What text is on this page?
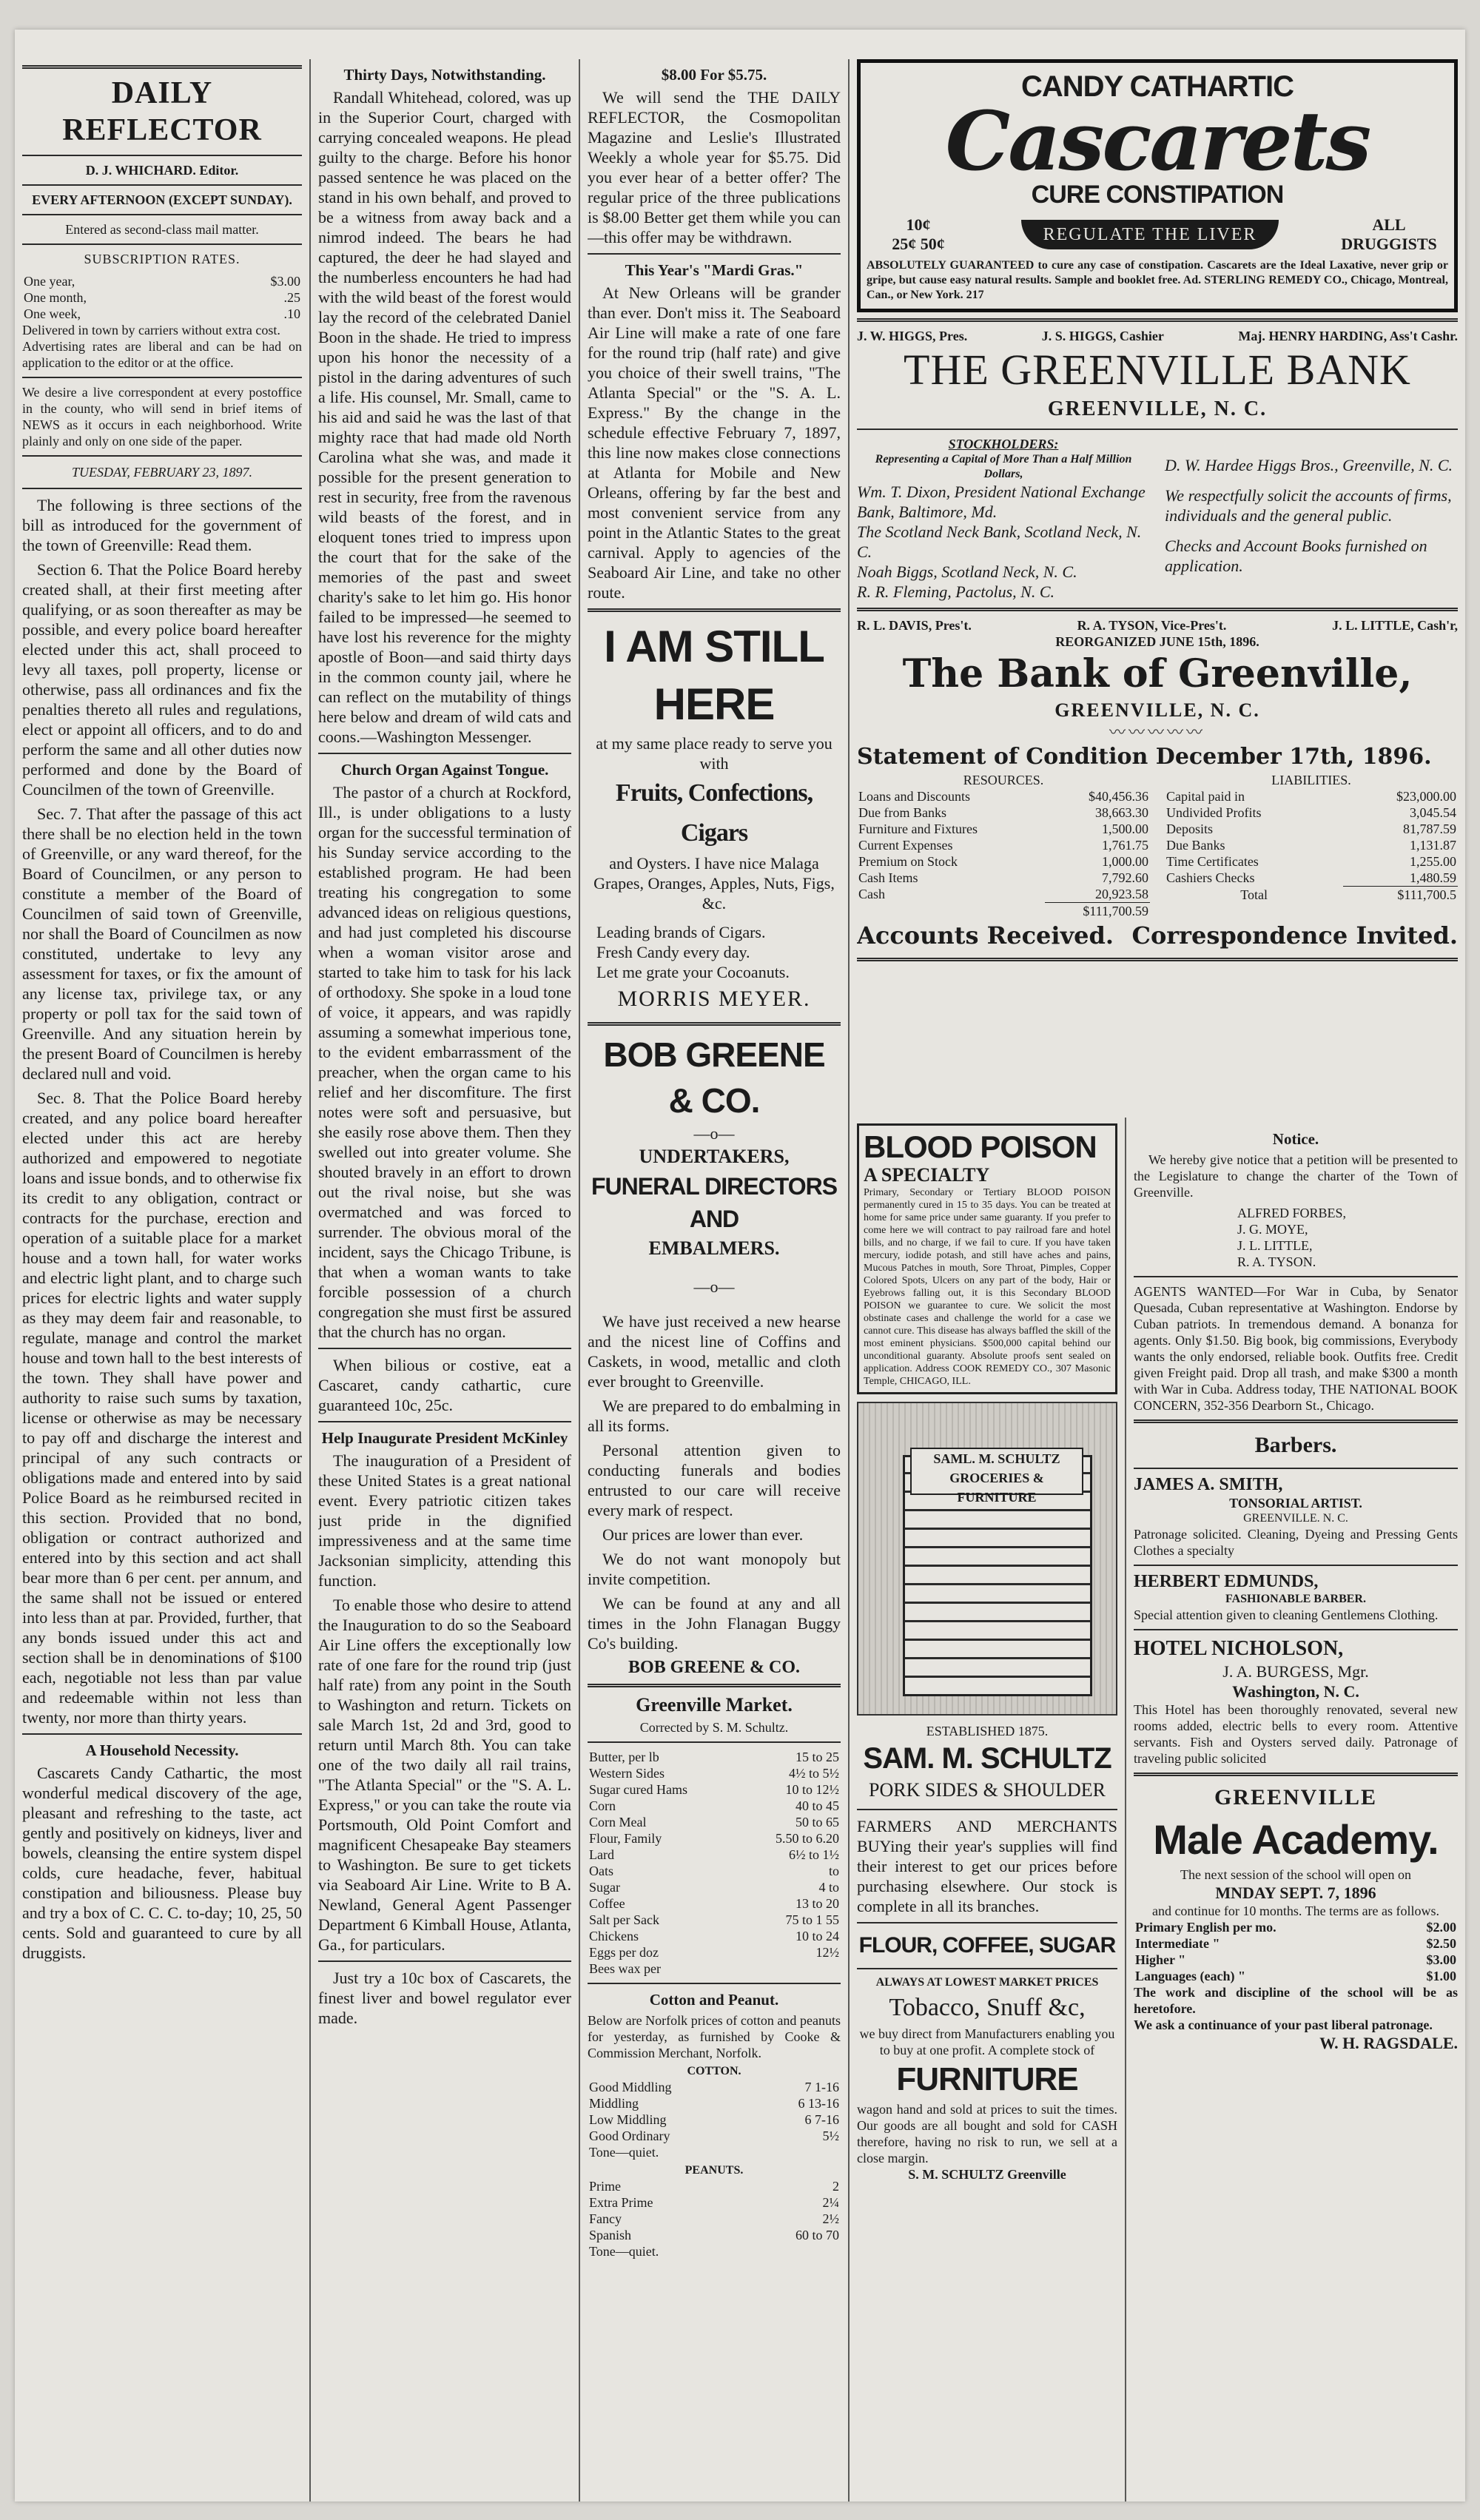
DAILY REFLECTOR
D. J. WHICHARD. Editor.
EVERY AFTERNOON (EXCEPT SUNDAY).
Entered as second-class mail matter.
SUBSCRIPTION RATES.
One year,	$3.00
One month,	.25
One week,	.10
Delivered in town by carriers without extra cost.
Advertising rates are liberal and can be had on application to the editor or at the office.
We desire a live correspondent at every postoffice in the county, who will send in brief items of NEWS as it occurs in each neighborhood. Write plainly and only on one side of the paper.
TUESDAY, FEBRUARY 23, 1897.

The following is three sections of the bill as introduced for the government of the town of Greenville: Read them.

Section 6. That the Police Board hereby created shall, at their first meeting after qualifying, or as soon thereafter as may be possible, and every police board hereafter elected under this act, shall proceed to levy all taxes, poll property, license or otherwise, pass all ordinances and fix the penalties thereto all rules and regulations, elect or appoint all officers, and to do and perform the same and all other duties now performed and done by the Board of Councilmen of the town of Greenville.

Sec. 7. That after the passage of this act there shall be no election held in the town of Greenville, or any ward thereof, for the Board of Councilmen, or any person to constitute a member of the Board of Councilmen of said town of Greenville, nor shall the Board of Councilmen as now constituted, undertake to levy any assessment for taxes, or fix the amount of any license tax, privilege tax, or any property or poll tax for the said town of Greenville. And any situation herein by the present Board of Councilmen is hereby declared null and void.

Sec. 8. That the Police Board hereby created, and any police board hereafter elected under this act are hereby authorized and empowered to negotiate loans and issue bonds, and to otherwise fix its credit to any obligation, contract or contracts for the purchase, erection and operation of a suitable place for a market house and a town hall, for water works and electric light plant, and to charge such prices for electric lights and water supply as they may deem fair and reasonable, to regulate, manage and control the market house and town hall to the best interests of the town. They shall have power and authority to raise such sums by taxation, license or otherwise as may be necessary to pay off and discharge the interest and principal of any such contracts or obligations made and entered into by said Police Board as he reimbursed recited in this section. Provided that no bond, obligation or contract authorized and entered into by this section and act shall bear more than 6 per cent. per annum, and the same shall not be issued or entered into less than at par. Provided, further, that any bonds issued under this act and section shall be in denominations of $100 each, negotiable not less than par value and redeemable within not less than twenty, nor more than thirty years.

A Household Necessity.

Cascarets Candy Cathartic, the most wonderful medical discovery of the age, pleasant and refreshing to the taste, act gently and positively on kidneys, liver and bowels, cleansing the entire system dispel colds, cure headache, fever, habitual constipation and biliousness. Please buy and try a box of C. C. C. to-day; 10, 25, 50 cents. Sold and guaranteed to cure by all druggists.

Thirty Days, Notwithstanding.

Randall Whitehead, colored, was up in the Superior Court, charged with carrying concealed weapons. He plead guilty to the charge. Before his honor passed sentence he was placed on the stand in his own behalf, and proved to be a witness from away back and a nimrod indeed. The bears he had captured, the deer he had slayed and the numberless encounters he had had with the wild beast of the forest would lay the record of the celebrated Daniel Boon in the shade. He tried to impress upon his honor the necessity of a pistol in the daring adventures of such a life. His counsel, Mr. Small, came to his aid and said he was the last of that mighty race that had made old North Carolina what she was, and made it possible for the present generation to rest in security, free from the ravenous wild beasts of the forest, and in eloquent tones tried to impress upon the court that for the sake of the memories of the past and sweet charity's sake to let him go. His honor failed to be impressed—he seemed to have lost his reverence for the mighty apostle of Boon—and said thirty days in the common county jail, where he can reflect on the mutability of things here below and dream of wild cats and coons.—Washington Messenger.

Church Organ Against Tongue.

The pastor of a church at Rockford, Ill., is under obligations to a lusty organ for the successful termination of his Sunday service according to the established program. He had been treating his congregation to some advanced ideas on religious questions, and had just completed his discourse when a woman visitor arose and started to take him to task for his lack of orthodoxy. She spoke in a loud tone of voice, it appears, and was rapidly assuming a somewhat imperious tone, to the evident embarrassment of the preacher, when the organ came to his relief and her discomfiture. The first notes were soft and persuasive, but she easily rose above them. Then they swelled out into greater volume. She shouted bravely in an effort to drown out the rival noise, but she was overmatched and was forced to surrender. The obvious moral of the incident, says the Chicago Tribune, is that when a woman wants to take forcible possession of a church congregation she must first be assured that the church has no organ.

When bilious or costive, eat a Cascaret, candy cathartic, cure guaranteed 10c, 25c.

Help Inaugurate President McKinley

The inauguration of a President of these United States is a great national event. Every patriotic citizen takes just pride in the dignified impressiveness and at the same time Jacksonian simplicity, attending this function.

To enable those who desire to attend the Inauguration to do so the Seaboard Air Line offers the exceptionally low rate of one fare for the round trip (just half rate) from any point in the South to Washington and return. Tickets on sale March 1st, 2d and 3rd, good to return until March 8th. You can take one of the two daily all rail trains, "The Atlanta Special" or the "S. A. L. Express," or you can take the route via Portsmouth, Old Point Comfort and magnificent Chesapeake Bay steamers to Washington. Be sure to get tickets via Seaboard Air Line. Write to B A. Newland, General Agent Passenger Department 6 Kimball House, Atlanta, Ga., for particulars.

Just try a 10c box of Cascarets, the finest liver and bowel regulator ever made.

$8.00 For $5.75.

We will send the THE DAILY REFLECTOR, the Cosmopolitan Magazine and Leslie's Illustrated Weekly a whole year for $5.75. Did you ever hear of a better offer? The regular price of the three publications is $8.00 Better get them while you can—this offer may be withdrawn.

This Year's "Mardi Gras."

At New Orleans will be grander than ever. Don't miss it. The Seaboard Air Line will make a rate of one fare for the round trip (half rate) and give you choice of their swell trains, "The Atlanta Special" or the "S. A. L. Express." By the change in the schedule effective February 7, 1897, this line now makes close connections at Atlanta for Mobile and New Orleans, offering by far the best and most convenient service from any point in the Atlantic States to the great carnival. Apply to agencies of the Seaboard Air Line, and take no other route.

I AM STILL HERE
at my same place ready to serve you with
Fruits, Confections, Cigars
and Oysters. I have nice Malaga Grapes, Oranges, Apples, Nuts, Figs, &c.
Leading brands of Cigars.
Fresh Candy every day.
Let me grate your Cocoanuts.
MORRIS MEYER.
BOB GREENE & CO.
—o—
UNDERTAKERS,
FUNERAL DIRECTORS AND
EMBALMERS.
—o—

We have just received a new hearse and the nicest line of Coffins and Caskets, in wood, metallic and cloth ever brought to Greenville.

We are prepared to do embalming in all its forms.

Personal attention given to conducting funerals and bodies entrusted to our care will receive every mark of respect.

Our prices are lower than ever.

We do not want monopoly but invite competition.

We can be found at any and all times in the John Flanagan Buggy Co's building.

BOB GREENE & CO.
Greenville Market.
Corrected by S. M. Schultz.
Butter, per lb	15 to 25
Western Sides	4½ to 5½
Sugar cured Hams	10 to 12½
Corn	40 to 45
Corn Meal	50 to 65
Flour, Family	5.50 to 6.20
Lard	6½ to 1½
Oats	to
Sugar	4 to
Coffee	13 to 20
Salt per Sack	75 to 1 55
Chickens	10 to 24
Eggs per doz	12½
Bees wax per	
Cotton and Peanut.
Below are Norfolk prices of cotton and peanuts for yesterday, as furnished by Cooke & Commission Merchant, Norfolk.
COTTON.
Good Middling	7 1-16
Middling	6 13-16
Low Middling	6 7-16
Good Ordinary	5½
Tone—quiet.	
PEANUTS.
Prime	2
Extra Prime	2¼
Fancy	2½
Spanish	60 to 70
Tone—quiet.	
CANDY CATHARTIC
Cascarets
CURE CONSTIPATION
10¢
25¢ 50¢	REGULATE THE LIVER
ALL
DRUGGISTS
ABSOLUTELY GUARANTEED to cure any case of constipation. Cascarets are the Ideal Laxative, never grip or gripe, but cause easy natural results. Sample and booklet free. Ad. STERLING REMEDY CO., Chicago, Montreal, Can., or New York. 217
J. W. HIGGS, Pres.	J. S. HIGGS, Cashier	Maj. HENRY HARDING, Ass't Cashr.
THE GREENVILLE BANK
GREENVILLE, N. C.
STOCKHOLDERS:
Representing a Capital of More Than a Half Million Dollars,
Wm. T. Dixon, President National Exchange Bank, Baltimore, Md.
The Scotland Neck Bank, Scotland Neck, N. C.
Noah Biggs, Scotland Neck, N. C.
R. R. Fleming, Pactolus, N. C.
D. W. Hardee Higgs Bros., Greenville, N. C.
We respectfully solicit the accounts of firms, individuals and the general public.
Checks and Account Books furnished on application.
R. L. DAVIS, Pres't.	R. A. TYSON, Vice-Pres't.	J. L. LITTLE, Cash'r,
REORGANIZED JUNE 15th, 1896.
The Bank of Greenville,
GREENVILLE, N. C.
〰〰〰〰〰
Statement of Condition December 17th, 1896.
RESOURCES.
Loans and Discounts	$40,456.36
Due from Banks	38,663.30
Furniture and Fixtures	1,500.00
Current Expenses	1,761.75
Premium on Stock	1,000.00
Cash Items	7,792.60
Cash	20,923.58
	$111,700.59
LIABILITIES.
Capital paid in	$23,000.00
Undivided Profits	3,045.54
Deposits	81,787.59
Due Banks	1,131.87
Time Certificates	1,255.00
Cashiers Checks	1,480.59
Total	$111,700.5
Accounts Received. Correspondence Invited.
BLOOD POISON
A SPECIALTY
Primary, Secondary or Tertiary BLOOD POISON permanently cured in 15 to 35 days. You can be treated at home for same price under same guaranty. If you prefer to come here we will contract to pay railroad fare and hotel bills, and no charge, if we fail to cure. If you have taken mercury, iodide potash, and still have aches and pains, Mucous Patches in mouth, Sore Throat, Pimples, Copper Colored Spots, Ulcers on any part of the body, Hair or Eyebrows falling out, it is this Secondary BLOOD POISON we guarantee to cure. We solicit the most obstinate cases and challenge the world for a case we cannot cure. This disease has always baffled the skill of the most eminent physicians. $500,000 capital behind our unconditional guaranty. Absolute proofs sent sealed on application. Address COOK REMEDY CO., 307 Masonic Temple, CHICAGO, ILL.
SAML. M. SCHULTZ GROCERIES & FURNITURE
ESTABLISHED 1875.
SAM. M. SCHULTZ
PORK SIDES & SHOULDER
FARMERS AND MERCHANTS BUYing their year's supplies will find their interest to get our prices before purchasing elsewhere. Our stock is complete in all its branches.
FLOUR, COFFEE, SUGAR
ALWAYS AT LOWEST MARKET PRICES
Tobacco, Snuff &c,
we buy direct from Manufacturers enabling you to buy at one profit. A complete stock of
FURNITURE
wagon hand and sold at prices to suit the times. Our goods are all bought and sold for CASH therefore, having no risk to run, we sell at a close margin.
S. M. SCHULTZ Greenville
Notice.

We hereby give notice that a petition will be presented to the Legislature to change the charter of the Town of Greenville.

ALFRED FORBES,
J. G. MOYE,
J. L. LITTLE,
R. A. TYSON.
AGENTS WANTED—For War in Cuba, by Senator Quesada, Cuban representative at Washington. Endorse by Cuban patriots. In tremendous demand. A bonanza for agents. Only $1.50. Big book, big commissions, Everybody wants the only endorsed, reliable book. Outfits free. Credit given Freight paid. Drop all trash, and make $300 a month with War in Cuba. Address today, THE NATIONAL BOOK CONCERN, 352-356 Dearborn St., Chicago.
Barbers.
JAMES A. SMITH,
TONSORIAL ARTIST.
GREENVILLE. N. C.
Patronage solicited. Cleaning, Dyeing and Pressing Gents Clothes a specialty
HERBERT EDMUNDS,
FASHIONABLE BARBER.
Special attention given to cleaning Gentlemens Clothing.
HOTEL NICHOLSON,
J. A. BURGESS, Mgr.
Washington, N. C.
This Hotel has been thoroughly renovated, several new rooms added, electric bells to every room. Attentive servants. Fish and Oysters served daily. Patronage of traveling public solicited
GREENVILLE
Male Academy.
The next session of the school will open on
MNDAY SEPT. 7, 1896
and continue for 10 months. The terms are as follows.
Primary English per mo.	$2.00
Intermediate "	$2.50
Higher "	$3.00
Languages (each) "	$1.00
The work and discipline of the school will be as heretofore.
We ask a continuance of your past liberal patronage.
W. H. RAGSDALE.
